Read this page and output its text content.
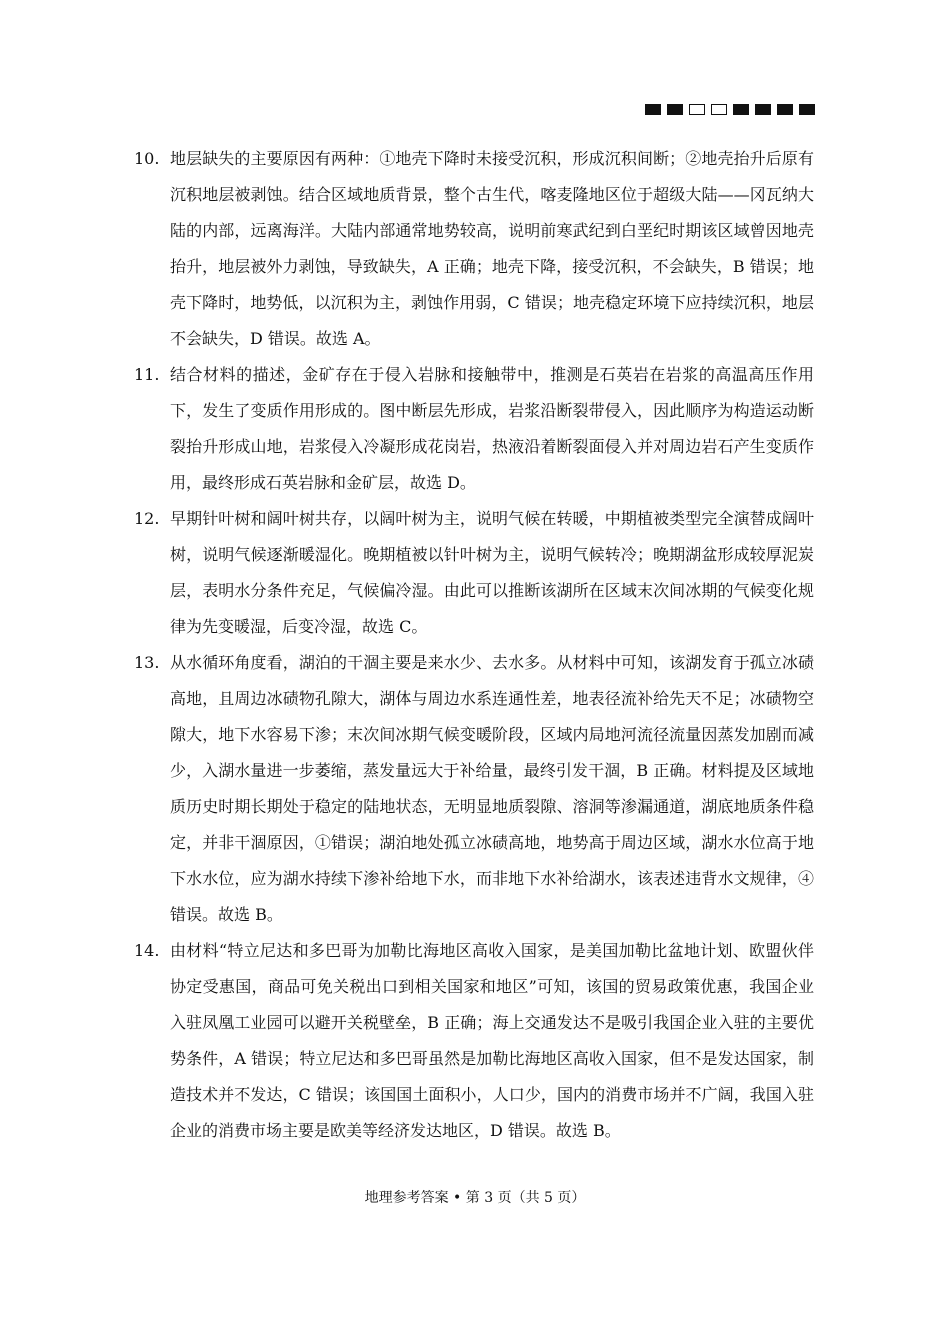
10. 地层缺失的主要原因有两种：①地壳下降时未接受沉积，形成沉积间断；②地壳抬升后原有沉积地层被剥蚀。结合区域地质背景，整个古生代，喀麦隆地区位于超级大陆——冈瓦纳大陆的内部，远离海洋。大陆内部通常地势较高，说明前寒武纪到白垩纪时期该区域曾因地壳抬升，地层被外力剥蚀，导致缺失，A 正确；地壳下降，接受沉积，不会缺失，B 错误；地壳下降时，地势低，以沉积为主，剥蚀作用弱，C 错误；地壳稳定环境下应持续沉积，地层不会缺失，D 错误。故选 A。
11. 结合材料的描述，金矿存在于侵入岩脉和接触带中，推测是石英岩在岩浆的高温高压作用下，发生了变质作用形成的。图中断层先形成，岩浆沿断裂带侵入，因此顺序为构造运动断裂抬升形成山地，岩浆侵入冷凝形成花岗岩，热液沿着断裂面侵入并对周边岩石产生变质作用，最终形成石英岩脉和金矿层，故选 D。
12. 早期针叶树和阔叶树共存，以阔叶树为主，说明气候在转暖，中期植被类型完全演替成阔叶树，说明气候逐渐暖湿化。晚期植被以针叶树为主，说明气候转冷；晚期湖盆形成较厚泥炭层，表明水分条件充足，气候偏冷湿。由此可以推断该湖所在区域末次间冰期的气候变化规律为先变暖湿，后变冷湿，故选 C。
13. 从水循环角度看，湖泊的干涸主要是来水少、去水多。从材料中可知，该湖发育于孤立冰碛高地，且周边冰碛物孔隙大，湖体与周边水系连通性差，地表径流补给先天不足；冰碛物空隙大，地下水容易下渗；末次间冰期气候变暖阶段，区域内局地河流径流量因蒸发加剧而减少，入湖水量进一步萎缩，蒸发量远大于补给量，最终引发干涸，B 正确。材料提及区域地质历史时期长期处于稳定的陆地状态，无明显地质裂隙、溶洞等渗漏通道，湖底地质条件稳定，并非干涸原因，①错误；湖泊地处孤立冰碛高地，地势高于周边区域，湖水水位高于地下水水位，应为湖水持续下渗补给地下水，而非地下水补给湖水，该表述违背水文规律，④错误。故选 B。
14. 由材料“特立尼达和多巴哥为加勒比海地区高收入国家，是美国加勒比盆地计划、欧盟伙伴协定受惠国，商品可免关税出口到相关国家和地区”可知，该国的贸易政策优惠，我国企业入驻凤凰工业园可以避开关税壁垒，B 正确；海上交通发达不是吸引我国企业入驻的主要优势条件，A 错误；特立尼达和多巴哥虽然是加勒比海地区高收入国家，但不是发达国家，制造技术并不发达，C 错误；该国国土面积小，人口少，国内的消费市场并不广阔，我国入驻企业的消费市场主要是欧美等经济发达地区，D 错误。故选 B。
地理参考答案 • 第 3 页（共 5 页）
